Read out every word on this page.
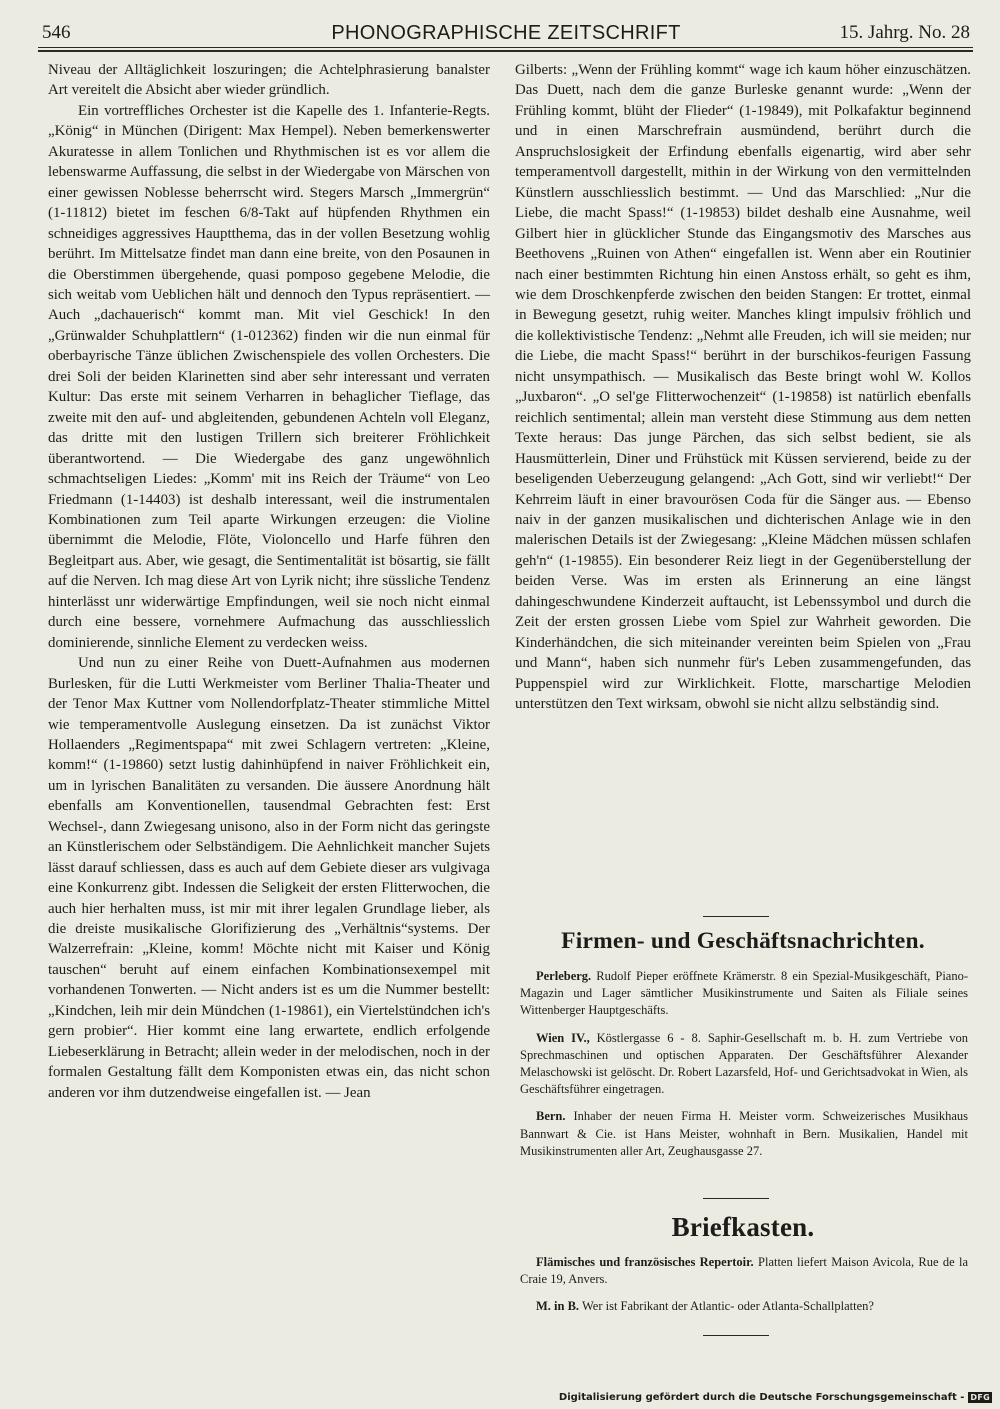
546	PHONOGRAPHISCHE ZEITSCHRIFT	15. Jahrg. No. 28

Niveau der Alltäglichkeit loszuringen; die Achtelphrasierung banalster Art vereitelt die Absicht aber wieder gründlich.

Ein vortreffliches Orchester ist die Kapelle des 1. Infanterie-Regts. „König“ in München (Dirigent: Max Hempel). Neben bemerkenswerter Akuratesse in allem Tonlichen und Rhythmischen ist es vor allem die lebenswarme Auffassung, die selbst in der Wiedergabe von Märschen von einer gewissen Noblesse beherrscht wird. Stegers Marsch „Immergrün“ (1-11812) bietet im feschen 6/8-Takt auf hüpfenden Rhythmen ein schneidiges aggressives Hauptthema, das in der vollen Besetzung wohlig berührt. Im Mittelsatze findet man dann eine breite, von den Posaunen in die Oberstimmen übergehende, quasi pomposo gegebene Melodie, die sich weitab vom Ueblichen hält und dennoch den Typus repräsentiert. — Auch „dachauerisch“ kommt man. Mit viel Geschick! In den „Grünwalder Schuhplattlern“ (1-012362) finden wir die nun einmal für oberbayrische Tänze üblichen Zwischenspiele des vollen Orchesters. Die drei Soli der beiden Klarinetten sind aber sehr interessant und verraten Kultur: Das erste mit seinem Verharren in behaglicher Tieflage, das zweite mit den auf- und abgleitenden, gebundenen Achteln voll Eleganz, das dritte mit den lustigen Trillern sich breiterer Fröhlichkeit überantwortend. — Die Wiedergabe des ganz ungewöhnlich schmachtseligen Liedes: „Komm' mit ins Reich der Träume“ von Leo Friedmann (1-14403) ist deshalb interessant, weil die instrumentalen Kombinationen zum Teil aparte Wirkungen erzeugen: die Violine übernimmt die Melodie, Flöte, Violoncello und Harfe führen den Begleitpart aus. Aber, wie gesagt, die Sentimentalität ist bösartig, sie fällt auf die Nerven. Ich mag diese Art von Lyrik nicht; ihre süssliche Tendenz hinterlässt unr widerwärtige Empfindungen, weil sie noch nicht einmal durch eine bessere, vornehmere Aufmachung das ausschliesslich dominierende, sinnliche Element zu verdecken weiss.

Und nun zu einer Reihe von Duett-Aufnahmen aus modernen Burlesken, für die Lutti Werkmeister vom Berliner Thalia-Theater und der Tenor Max Kuttner vom Nollendorfplatz-Theater stimmliche Mittel wie temperamentvolle Auslegung einsetzen. Da ist zunächst Viktor Hollaenders „Regimentspapa“ mit zwei Schlagern vertreten: „Kleine, komm!“ (1-19860) setzt lustig dahinhüpfend in naiver Fröhlichkeit ein, um in lyrischen Banalitäten zu versanden. Die äussere Anordnung hält ebenfalls am Konventionellen, tausendmal Gebrachten fest: Erst Wechsel-, dann Zwiegesang unisono, also in der Form nicht das geringste an Künstlerischem oder Selbständigem. Die Aehnlichkeit mancher Sujets lässt darauf schliessen, dass es auch auf dem Gebiete dieser ars vulgivaga eine Konkurrenz gibt. Indessen die Seligkeit der ersten Flitterwochen, die auch hier herhalten muss, ist mir mit ihrer legalen Grundlage lieber, als die dreiste musikalische Glorifizierung des „Verhältnis“systems. Der Walzerrefrain: „Kleine, komm! Möchte nicht mit Kaiser und König tauschen“ beruht auf einem einfachen Kombinationsexempel mit vorhandenen Tonwerten. — Nicht anders ist es um die Nummer bestellt: „Kindchen, leih mir dein Mündchen (1-19861), ein Viertelstündchen ich's gern probier“. Hier kommt eine lang erwartete, endlich erfolgende Liebeserklärung in Betracht; allein weder in der melodischen, noch in der formalen Gestaltung fällt dem Komponisten etwas ein, das nicht schon anderen vor ihm dutzendweise eingefallen ist. — Jean

Gilberts: „Wenn der Frühling kommt“ wage ich kaum höher einzuschätzen. Das Duett, nach dem die ganze Burleske genannt wurde: „Wenn der Frühling kommt, blüht der Flieder“ (1-19849), mit Polkafaktur beginnend und in einen Marschrefrain ausmündend, berührt durch die Anspruchslosigkeit der Erfindung ebenfalls eigenartig, wird aber sehr temperamentvoll dargestellt, mithin in der Wirkung von den vermittelnden Künstlern ausschliesslich bestimmt. — Und das Marschlied: „Nur die Liebe, die macht Spass!“ (1-19853) bildet deshalb eine Ausnahme, weil Gilbert hier in glücklicher Stunde das Eingangsmotiv des Marsches aus Beethovens „Ruinen von Athen“ eingefallen ist. Wenn aber ein Routinier nach einer bestimmten Richtung hin einen Anstoss erhält, so geht es ihm, wie dem Droschkenpferde zwischen den beiden Stangen: Er trottet, einmal in Bewegung gesetzt, ruhig weiter. Manches klingt impulsiv fröhlich und die kollektivistische Tendenz: „Nehmt alle Freuden, ich will sie meiden; nur die Liebe, die macht Spass!“ berührt in der burschikos-feurigen Fassung nicht unsympathisch. — Musikalisch das Beste bringt wohl W. Kollos „Juxbaron“. „O sel'ge Flitterwochenzeit“ (1-19858) ist natürlich ebenfalls reichlich sentimental; allein man versteht diese Stimmung aus dem netten Texte heraus: Das junge Pärchen, das sich selbst bedient, sie als Hausmütterlein, Diner und Frühstück mit Küssen servierend, beide zu der beseligenden Ueberzeugung gelangend: „Ach Gott, sind wir verliebt!“ Der Kehrreim läuft in einer bravourösen Coda für die Sänger aus. — Ebenso naiv in der ganzen musikalischen und dichterischen Anlage wie in den malerischen Details ist der Zwiegesang: „Kleine Mädchen müssen schlafen geh'n“ (1-19855). Ein besonderer Reiz liegt in der Gegenüberstellung der beiden Verse. Was im ersten als Erinnerung an eine längst dahingeschwundene Kinderzeit auftaucht, ist Lebenssymbol und durch die Zeit der ersten grossen Liebe vom Spiel zur Wahrheit geworden. Die Kinderhändchen, die sich miteinander vereinten beim Spielen von „Frau und Mann“, haben sich nunmehr für's Leben zusammengefunden, das Puppenspiel wird zur Wirklichkeit. Flotte, marschartige Melodien unterstützen den Text wirksam, obwohl sie nicht allzu selbständig sind.

Firmen- und Geschäftsnachrichten.

Perleberg. Rudolf Pieper eröffnete Krämerstr. 8 ein Spezial-Musikgeschäft, Piano-Magazin und Lager sämtlicher Musikinstrumente und Saiten als Filiale seines Wittenberger Hauptgeschäfts.

Wien IV., Köstlergasse 6 - 8. Saphir-Gesellschaft m. b. H. zum Vertriebe von Sprechmaschinen und optischen Apparaten. Der Geschäftsführer Alexander Melaschowski ist gelöscht. Dr. Robert Lazarsfeld, Hof- und Gerichtsadvokat in Wien, als Geschäftsführer eingetragen.

Bern. Inhaber der neuen Firma H. Meister vorm. Schweizerisches Musikhaus Bannwart & Cie. ist Hans Meister, wohnhaft in Bern. Musikalien, Handel mit Musikinstrumenten aller Art, Zeughausgasse 27.

Briefkasten.

Flämisches und französisches Repertoir. Platten liefert Maison Avicola, Rue de la Craie 19, Anvers.

M. in B. Wer ist Fabrikant der Atlantic- oder Atlanta-Schallplatten?

Digitalisierung gefördert durch die Deutsche Forschungsgemeinschaft - DFG
